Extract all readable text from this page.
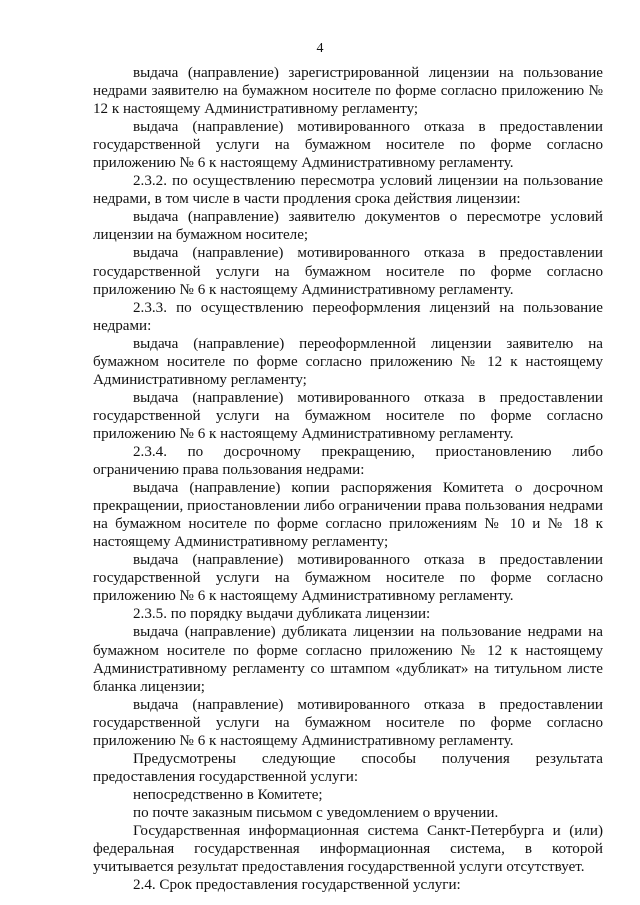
4

выдача (направление) зарегистрированной лицензии на пользование недрами заявителю на бумажном носителе по форме согласно приложению № 12 к настоящему Административному регламенту;

выдача (направление) мотивированного отказа в предоставлении государственной услуги на бумажном носителе по форме согласно приложению № 6 к настоящему Административному регламенту.

2.3.2. по осуществлению пересмотра условий лицензии на пользование недрами, в том числе в части продления срока действия лицензии:

выдача (направление) заявителю документов о пересмотре условий лицензии на бумажном носителе;

выдача (направление) мотивированного отказа в предоставлении государственной услуги на бумажном носителе по форме согласно приложению № 6 к настоящему Административному регламенту.

2.3.3. по осуществлению переоформления лицензий на пользование недрами:

выдача (направление) переоформленной лицензии заявителю на бумажном носителе по форме согласно приложению № 12 к настоящему Административному регламенту;

выдача (направление) мотивированного отказа в предоставлении государственной услуги на бумажном носителе по форме согласно приложению № 6 к настоящему Административному регламенту.

2.3.4. по досрочному прекращению, приостановлению либо ограничению права пользования недрами:

выдача (направление) копии распоряжения Комитета о досрочном прекращении, приостановлении либо ограничении права пользования недрами на бумажном носителе по форме согласно приложениям № 10 и № 18 к настоящему Административному регламенту;

выдача (направление) мотивированного отказа в предоставлении государственной услуги на бумажном носителе по форме согласно приложению № 6 к настоящему Административному регламенту.

2.3.5. по порядку выдачи дубликата лицензии:

выдача (направление) дубликата лицензии на пользование недрами на бумажном носителе по форме согласно приложению № 12 к настоящему Административному регламенту со штампом «дубликат» на титульном листе бланка лицензии;

выдача (направление) мотивированного отказа в предоставлении государственной услуги на бумажном носителе по форме согласно приложению № 6 к настоящему Административному регламенту.

Предусмотрены следующие способы получения результата предоставления государственной услуги:

непосредственно в Комитете;

по почте заказным письмом с уведомлением о вручении.

Государственная информационная система Санкт-Петербурга и (или) федеральная государственная информационная система, в которой учитывается результат предоставления государственной услуги отсутствует.

2.4. Срок предоставления государственной услуги:
